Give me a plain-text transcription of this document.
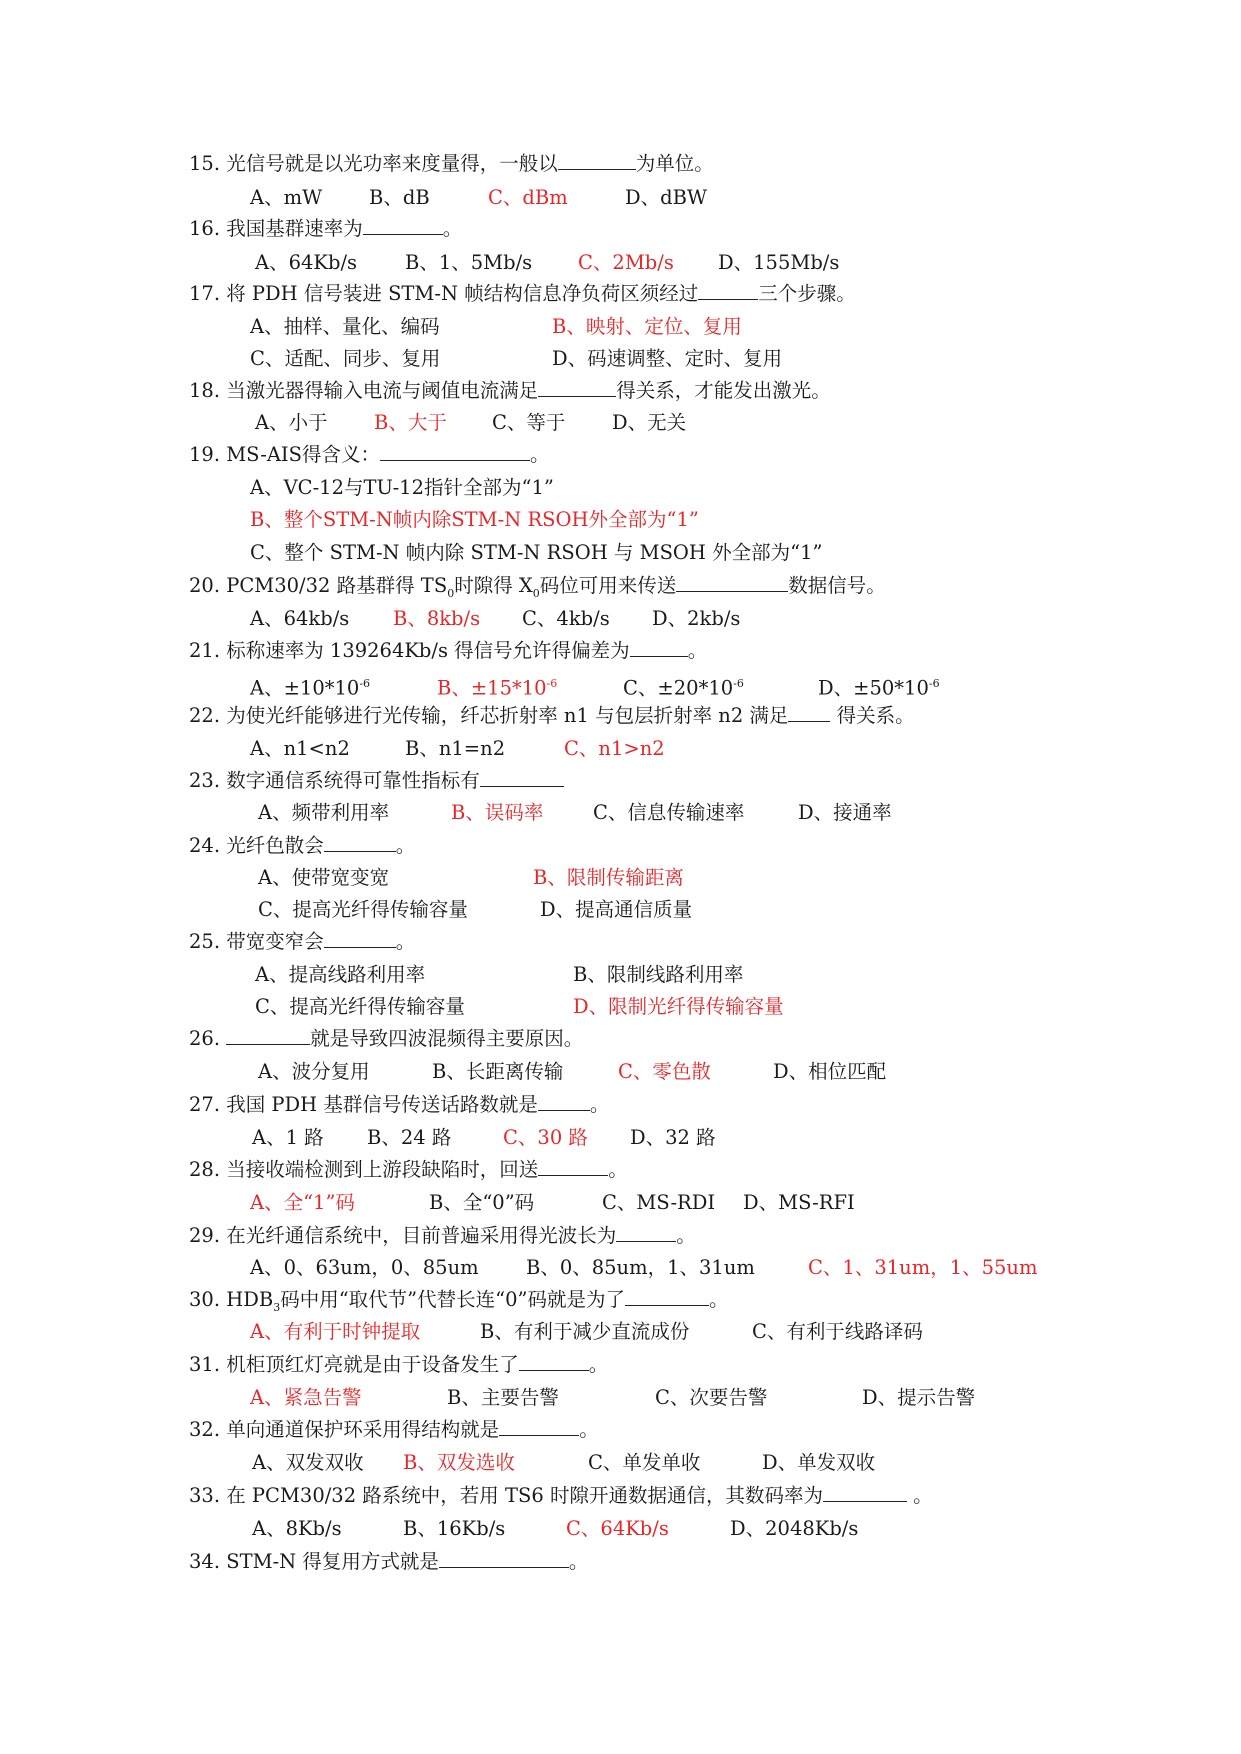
15. 光信号就是以光功率来度量得，一般以	为单位。
A、mW B、dB	C、dBm	D、dBW
16. 我国基群速率为	。
A、64Kb/s B、1、5Mb/s C、2Mb/s D、155Mb/s
17. 将 PDH 信号装进 STM-N 帧结构信息净负荷区须经过	三个步骤。
A、抽样、量化、编码	B、映射、定位、复用
C、适配、同步、复用	D、码速调整、定时、复用
18. 当激光器得输入电流与阈值电流满足	得关系，才能发出激光。
A、小于 B、大于 C、等于 D、无关
19. MS-AIS得含义：	。
A、VC-12与TU-12指针全部为“1”
B、整个STM-N帧内除STM-N RSOH外全部为“1”
C、整个 STM-N 帧内除 STM-N RSOH 与 MSOH 外全部为“1”
20. PCM30/32 路基群得 $TS_0$时隙得 $X_0$码位可用来传送	数据信号。
A、64kb/s B、8kb/s C、4kb/s D、2kb/s
21. 标称速率为 139264Kb/s 得信号允许得偏差为	。
A、$\pm 10*10^{-6}$	B、$\pm 15*10^{-6}$	C、$\pm 20*10^{-6}$	D、$\pm 50*10^{-6}$
22. 为使光纤能够进行光传输，纤芯折射率 n1 与包层折射率 n2 满足 得关系。
A、n1<n2	B、n1=n2	C、n1>n2
23. 数字通信系统得可靠性指标有
A、频带利用率	B、误码率	C、信息传输速率	D、接通率
24. 光纤色散会	。
A、使带宽变宽	B、限制传输距离
C、提高光纤得传输容量	D、提高通信质量
25. 带宽变窄会	。
A、提高线路利用率	B、限制线路利用率
C、提高光纤得传输容量	D、限制光纤得传输容量
26.	就是导致四波混频得主要原因。
A、波分复用	B、长距离传输	C、零色散	D、相位匹配
27. 我国 PDH 基群信号传送话路数就是	。
A、1 路 B、24 路	C、30 路 D、32 路
28. 当接收端检测到上游段缺陷时，回送	。
A、全“1”码	B、全“0”码	C、MS-RDI D、MS-RFI
29. 在光纤通信系统中，目前普遍采用得光波长为	。
A、0、63um，0、85um B、0、85um，1、31um	C、1、31um，1、55um
30. $HDB_3$码中用“取代节”代替长连“0”码就是为了	。
A、有利于时钟提取	B、有利于减少直流成份	C、有利于线路译码
31. 机柜顶红灯亮就是由于设备发生了	。
A、紧急告警	B、主要告警	C、次要告警	D、提示告警
32. 单向通道保护环采用得结构就是	。
A、双发双收 B、双发选收	C、单发单收	D、单发双收
33. 在 PCM30/32 路系统中，若用 TS6 时隙开通数据通信，其数码率为	。
A、8Kb/s	B、16Kb/s	C、64Kb/s	D、2048Kb/s
34. STM-N 得复用方式就是	。
